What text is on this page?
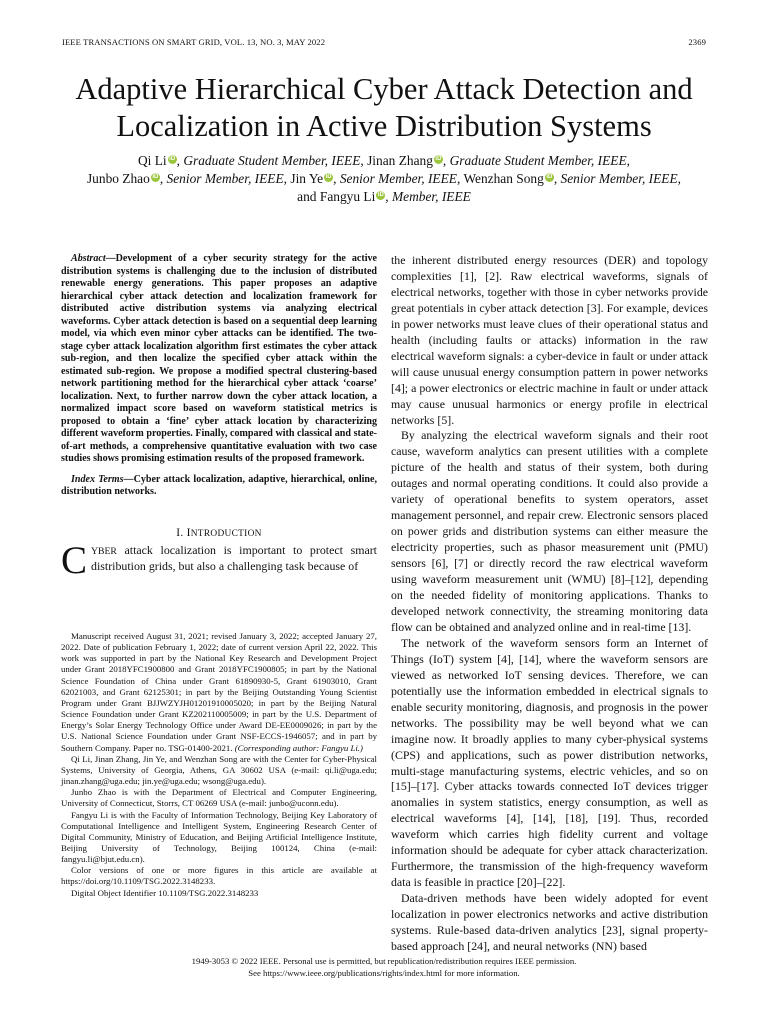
IEEE TRANSACTIONS ON SMART GRID, VOL. 13, NO. 3, MAY 2022	2369
Adaptive Hierarchical Cyber Attack Detection and
Localization in Active Distribution Systems
Qi Li iD , Graduate Student Member, IEEE, Jinan Zhang iD , Graduate Student Member, IEEE,
Junbo Zhao iD , Senior Member, IEEE, Jin Ye iD , Senior Member, IEEE, Wenzhan Song iD , Senior Member, IEEE,
and Fangyu Li iD , Member, IEEE

Abstract—Development of a cyber security strategy for the active distribution systems is challenging due to the inclusion of distributed renewable energy generations. This paper proposes an adaptive hierarchical cyber attack detection and localization framework for distributed active distribution systems via analyzing electrical waveforms. Cyber attack detection is based on a sequential deep learning model, via which even minor cyber attacks can be identified. The two-stage cyber attack localization algorithm first estimates the cyber attack sub-region, and then localize the specified cyber attack within the estimated sub-region. We propose a modified spectral clustering-based network partitioning method for the hierarchical cyber attack ‘coarse’ localization. Next, to further narrow down the cyber attack location, a normalized impact score based on waveform statistical metrics is proposed to obtain a ‘fine’ cyber attack location by characterizing different waveform properties. Finally, compared with classical and state-of-art methods, a comprehensive quantitative evaluation with two case studies shows promising estimation results of the proposed framework.

Index Terms—Cyber attack localization, adaptive, hierarchical, online, distribution networks.

I. INTRODUCTION

CYBER attack localization is important to protect smart distribution grids, but also a challenging task because of

Manuscript received August 31, 2021; revised January 3, 2022; accepted January 27, 2022. Date of publication February 1, 2022; date of current version April 22, 2022. This work was supported in part by the National Key Research and Development Project under Grant 2018YFC1900800 and Grant 2018YFC1900805; in part by the National Science Foundation of China under Grant 61890930-5, Grant 61903010, Grant 62021003, and Grant 62125301; in part by the Beijing Outstanding Young Scientist Program under Grant BJJWZYJH01201910005020; in part by the Beijing Natural Science Foundation under Grant KZ202110005009; in part by the U.S. Department of Energy’s Solar Energy Technology Office under Award DE-EE0009026; in part by the U.S. National Science Foundation under Grant NSF-ECCS-1946057; and in part by Southern Company. Paper no. TSG-01400-2021. (Corresponding author: Fangyu Li.)

Qi Li, Jinan Zhang, Jin Ye, and Wenzhan Song are with the Center for Cyber-Physical Systems, University of Georgia, Athens, GA 30602 USA (e-mail: qi.li@uga.edu; jinan.zhang@uga.edu; jin.ye@uga.edu; wsong@uga.edu).

Junbo Zhao is with the Department of Electrical and Computer Engineering, University of Connecticut, Storrs, CT 06269 USA (e-mail: junbo@uconn.edu).

Fangyu Li is with the Faculty of Information Technology, Beijing Key Laboratory of Computational Intelligence and Intelligent System, Engineering Research Center of Digital Community, Ministry of Education, and Beijing Artificial Intelligence Institute, Beijing University of Technology, Beijing 100124, China (e-mail: fangyu.li@bjut.edu.cn).

Color versions of one or more figures in this article are available at https://doi.org/10.1109/TSG.2022.3148233.

Digital Object Identifier 10.1109/TSG.2022.3148233

the inherent distributed energy resources (DER) and topology complexities [1], [2]. Raw electrical waveforms, signals of electrical networks, together with those in cyber networks provide great potentials in cyber attack detection [3]. For example, devices in power networks must leave clues of their operational status and health (including faults or attacks) information in the raw electrical waveform signals: a cyber-device in fault or under attack will cause unusual energy consumption pattern in power networks [4]; a power electronics or electric machine in fault or under attack may cause unusual harmonics or energy profile in electrical networks [5].

By analyzing the electrical waveform signals and their root cause, waveform analytics can present utilities with a complete picture of the health and status of their system, both during outages and normal operating conditions. It could also provide a variety of operational benefits to system operators, asset management personnel, and repair crew. Electronic sensors placed on power grids and distribution systems can either measure the electricity properties, such as phasor measurement unit (PMU) sensors [6], [7] or directly record the raw electrical waveform using waveform measurement unit (WMU) [8]–[12], depending on the needed fidelity of monitoring applications. Thanks to developed network connectivity, the streaming monitoring data flow can be obtained and analyzed online and in real-time [13].

The network of the waveform sensors form an Internet of Things (IoT) system [4], [14], where the waveform sensors are viewed as networked IoT sensing devices. Therefore, we can potentially use the information embedded in electrical signals to enable security monitoring, diagnosis, and prognosis in the power networks. The possibility may be well beyond what we can imagine now. It broadly applies to many cyber-physical systems (CPS) and applications, such as power distribution networks, multi-stage manufacturing systems, electric vehicles, and so on [15]–[17]. Cyber attacks towards connected IoT devices trigger anomalies in system statistics, energy consumption, as well as electrical waveforms [4], [14], [18], [19]. Thus, recorded waveform which carries high fidelity current and voltage information should be adequate for cyber attack characterization. Furthermore, the transmission of the high-frequency waveform data is feasible in practice [20]–[22].

Data-driven methods have been widely adopted for event localization in power electronics networks and active distribution systems. Rule-based data-driven analytics [23], signal property-based approach [24], and neural networks (NN) based

1949-3053 © 2022 IEEE. Personal use is permitted, but republication/redistribution requires IEEE permission.
See https://www.ieee.org/publications/rights/index.html for more information.
